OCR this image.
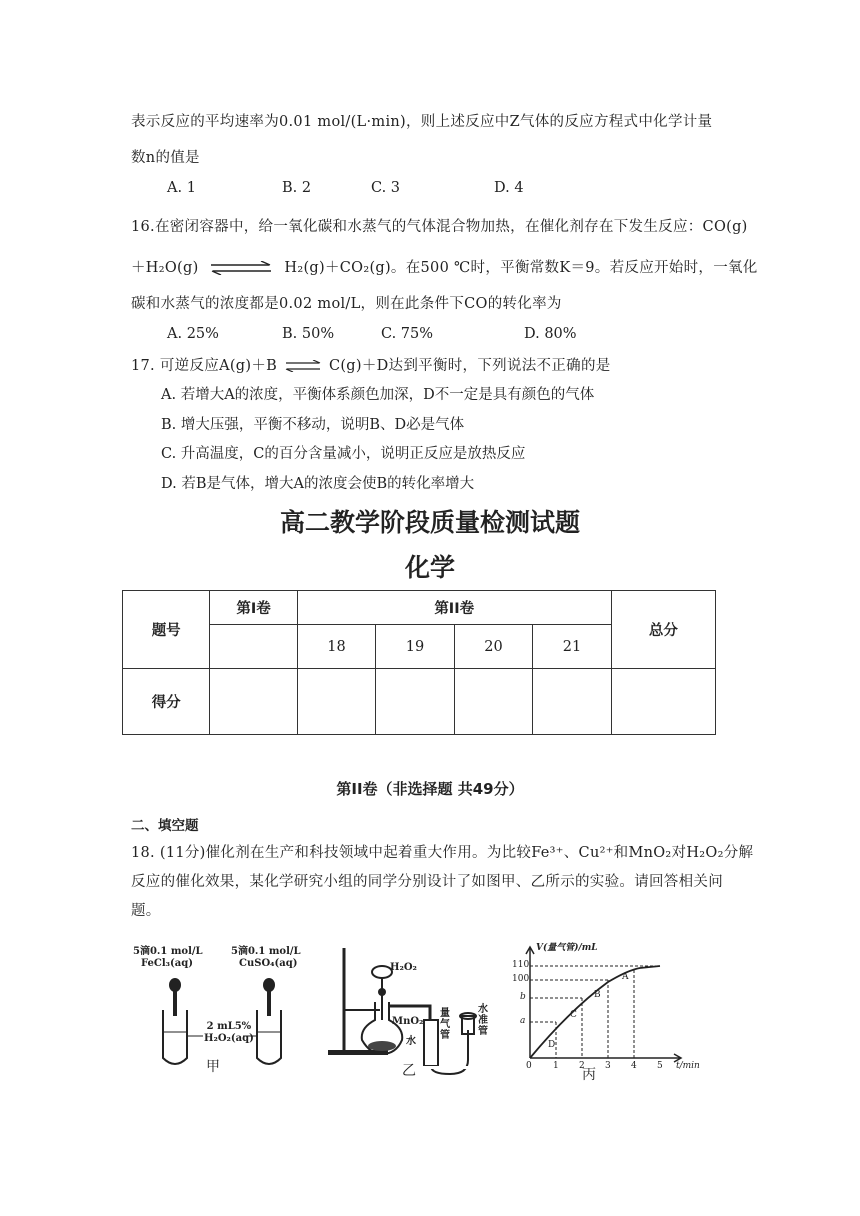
表示反应的平均速率为0.01 mol/(L·min)，则上述反应中Z气体的反应方程式中化学计量
数n的值是
A. 1	B. 2	C. 3	D. 4
16.在密闭容器中，给一氧化碳和水蒸气的气体混合物加热，在催化剂存在下发生反应：CO(g)
＋H₂O(g)	H₂(g)＋CO₂(g)。在500 ℃时，平衡常数K＝9。若反应开始时，一氧化
碳和水蒸气的浓度都是0.02 mol/L，则在此条件下CO的转化率为
A. 25%	B. 50%	C. 75%	D. 80%
17. 可逆反应A(g)＋B ⇌ C(g)＋D达到平衡时，下列说法不正确的是
A. 若增大A的浓度，平衡体系颜色加深，D不一定是具有颜色的气体
B. 增大压强，平衡不移动，说明B、D必是气体
C. 升高温度，C的百分含量减小，说明正反应是放热反应
D. 若B是气体，增大A的浓度会使B的转化率增大
高二教学阶段质量检测试题
化学
题号	第Ⅰ卷	第II卷				总分
		18	19	20	21	
得分						
第II卷（非选择题 共49分）
二、填空题
18. (11分)催化剂在生产和科技领域中起着重大作用。为比较Fe³⁺、Cu²⁺和MnO₂对H₂O₂分解
反应的催化效果，某化学研究小组的同学分别设计了如图甲、乙所示的实验。请回答相关问
题。
5滴0.1 mol/L
FeCl₃(aq)
5滴0.1 mol/L
CuSO₄(aq)
2 mL5%
H₂O₂(aq)
甲
H₂O₂
MnO₂
水
量气管
水准管
乙
V(量气管)/mL
110
100
b
a
0 1 2 3 4 5 t/min
D
C
B
A
丙
